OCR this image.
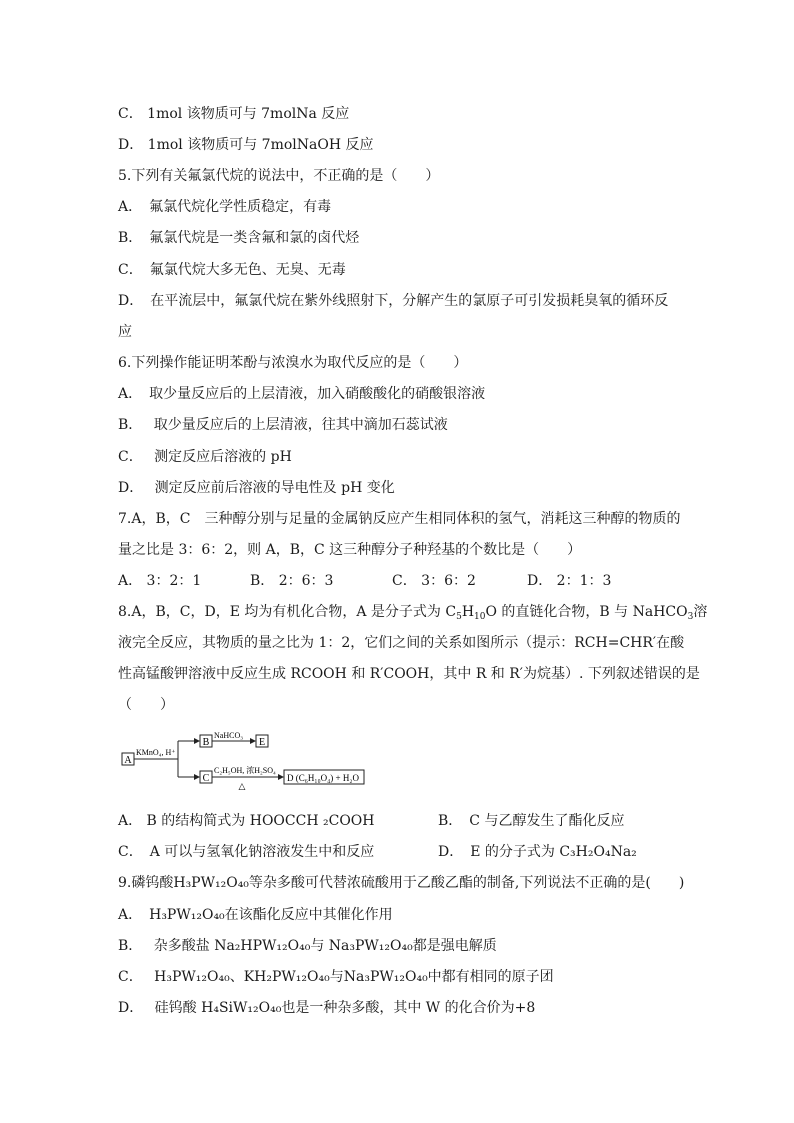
C． 1mol 该物质可与 7molNa 反应
D． 1mol 该物质可与 7molNaOH 反应
5.下列有关氟氯代烷的说法中，不正确的是（　　）
A．　氟氯代烷化学性质稳定，有毒
B．　氟氯代烷是一类含氟和氯的卤代烃
C．　氟氯代烷大多无色、无臭、无毒
D．　在平流层中，氟氯代烷在紫外线照射下，分解产生的氯原子可引发损耗臭氧的循环反
应
6.下列操作能证明苯酚与浓溴水为取代反应的是（　　）
A．　取少量反应后的上层清液，加入硝酸酸化的硝酸银溶液
B．　 取少量反应后的上层清液，往其中滴加石蕊试液
C．　 测定反应后溶液的 pH
D．　 测定反应前后溶液的导电性及 pH 变化
7.A，B，C　三种醇分别与足量的金属钠反应产生相同体积的氢气，消耗这三种醇的物质的
量之比是 3：6：2，则 A，B，C 这三种醇分子种羟基的个数比是（　　）
A． 3：2：1	B． 2：6：3	C． 3：6：2	D． 2：1：3
8.A，B，C，D，E 均为有机化合物，A 是分子式为 $C_5H_{10}O$ 的直链化合物，B 与 NaHCO$_3$溶
液完全反应，其物质的量之比为 1：2，它们之间的关系如图所示（提示：RCH=CHR′在酸
性高锰酸钾溶液中反应生成 RCOOH 和 R′COOH，其中 R 和 R′为烷基）. 下列叙述错误的是
（　　）
A
KMnO₄, H⁺
B
NaHCO₃
E
C
C₂H₅OH, 浓H₂SO₄
△
D (C₆H₁₀O₄) + H₂O
A． B 的结构简式为 HOOCCH ₂COOH	B．　C 与乙醇发生了酯化反应
C．　A 可以与氢氧化钠溶液发生中和反应	D．　E 的分子式为 C₃H₂O₄Na₂
9.磷钨酸H₃PW₁₂O₄₀等杂多酸可代替浓硫酸用于乙酸乙酯的制备,下列说法不正确的是(　　)
A．　H₃PW₁₂O₄₀在该酯化反应中其催化作用
B．　 杂多酸盐 Na₂HPW₁₂O₄₀与 Na₃PW₁₂O₄₀都是强电解质
C．　 H₃PW₁₂O₄₀、KH₂PW₁₂O₄₀与Na₃PW₁₂O₄₀中都有相同的原子团
D．　 硅钨酸 H₄SiW₁₂O₄₀也是一种杂多酸，其中 W 的化合价为+8
